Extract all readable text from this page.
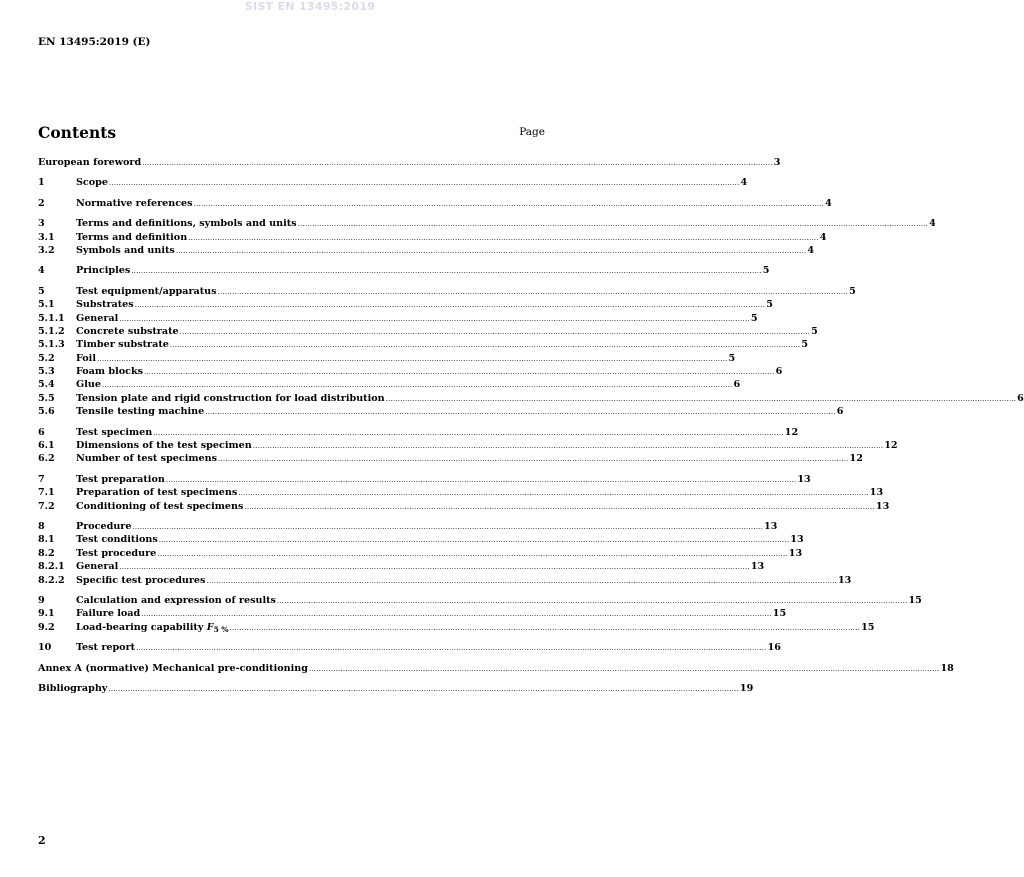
SIST EN 13495:2019
EN 13495:2019 (E)
Contents	Page
European foreword .................................................................................................................................................................................................................................................................... 3
1	Scope .................................................................................................................................................................................................................................................................... 4
2	Normative references .................................................................................................................................................................................................................................................................... 4
3	Terms and definitions, symbols and units .................................................................................................................................................................................................................................................................... 4
3.1	Terms and definition .................................................................................................................................................................................................................................................................... 4
3.2	Symbols and units .................................................................................................................................................................................................................................................................... 4
4	Principles .................................................................................................................................................................................................................................................................... 5
5	Test equipment/apparatus .................................................................................................................................................................................................................................................................... 5
5.1	Substrates .................................................................................................................................................................................................................................................................... 5
5.1.1	General .................................................................................................................................................................................................................................................................... 5
5.1.2	Concrete substrate .................................................................................................................................................................................................................................................................... 5
5.1.3	Timber substrate .................................................................................................................................................................................................................................................................... 5
5.2	Foil .................................................................................................................................................................................................................................................................... 5
5.3	Foam blocks .................................................................................................................................................................................................................................................................... 6
5.4	Glue .................................................................................................................................................................................................................................................................... 6
5.5	Tension plate and rigid construction for load distribution .................................................................................................................................................................................................................................................................... 6
5.6	Tensile testing machine .................................................................................................................................................................................................................................................................... 6
6	Test specimen .................................................................................................................................................................................................................................................................... 12
6.1	Dimensions of the test specimen .................................................................................................................................................................................................................................................................... 12
6.2	Number of test specimens .................................................................................................................................................................................................................................................................... 12
7	Test preparation .................................................................................................................................................................................................................................................................... 13
7.1	Preparation of test specimens .................................................................................................................................................................................................................................................................... 13
7.2	Conditioning of test specimens .................................................................................................................................................................................................................................................................... 13
8	Procedure .................................................................................................................................................................................................................................................................... 13
8.1	Test conditions .................................................................................................................................................................................................................................................................... 13
8.2	Test procedure .................................................................................................................................................................................................................................................................... 13
8.2.1	General .................................................................................................................................................................................................................................................................... 13
8.2.2	Specific test procedures .................................................................................................................................................................................................................................................................... 13
9	Calculation and expression of results .................................................................................................................................................................................................................................................................... 15
9.1	Failure load .................................................................................................................................................................................................................................................................... 15
9.2	Load-bearing capability $F_{5 \%}$ .................................................................................................................................................................................................................................................................... 15
10	Test report .................................................................................................................................................................................................................................................................... 16
Annex A (normative) Mechanical pre-conditioning .................................................................................................................................................................................................................................................................... 18
Bibliography .................................................................................................................................................................................................................................................................... 19
2
